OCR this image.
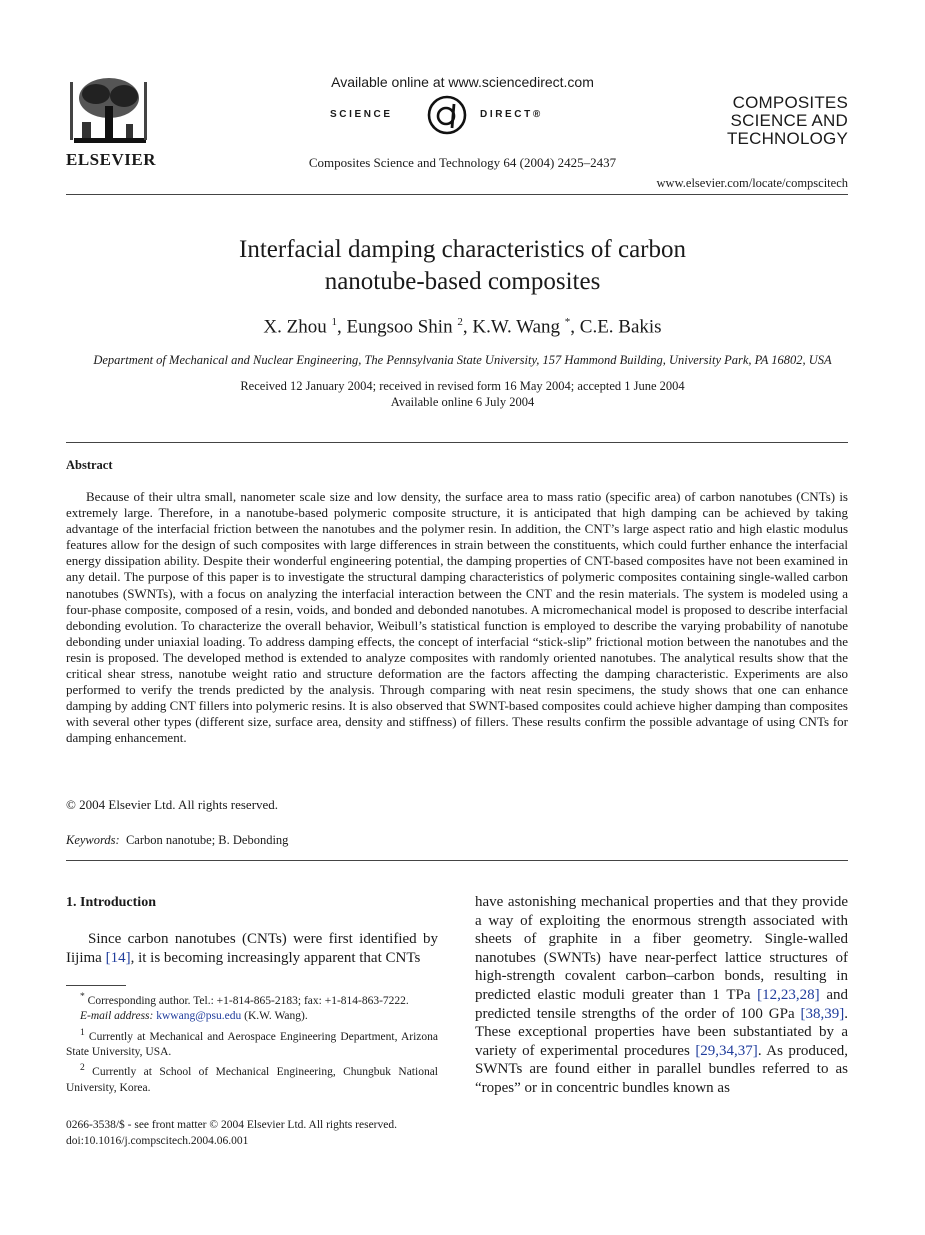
ELSEVIER
Available online at www.sciencedirect.com
SCIENCE	DIRECT®
Composites Science and Technology 64 (2004) 2425–2437
COMPOSITES
SCIENCE AND
TECHNOLOGY
www.elsevier.com/locate/compscitech
Interfacial damping characteristics of carbon
nanotube-based composites
X. Zhou $^1$, Eungsoo Shin $^2$, K.W. Wang *, C.E. Bakis
Department of Mechanical and Nuclear Engineering, The Pennsylvania State University, 157 Hammond Building, University Park, PA 16802, USA
Received 12 January 2004; received in revised form 16 May 2004; accepted 1 June 2004
Available online 6 July 2004
Abstract
Because of their ultra small, nanometer scale size and low density, the surface area to mass ratio (specific area) of carbon nanotubes (CNTs) is extremely large. Therefore, in a nanotube-based polymeric composite structure, it is anticipated that high damping can be achieved by taking advantage of the interfacial friction between the nanotubes and the polymer resin. In addition, the CNT’s large aspect ratio and high elastic modulus features allow for the design of such composites with large differences in strain between the constituents, which could further enhance the interfacial energy dissipation ability. Despite their wonderful engineering potential, the damping properties of CNT-based composites have not been examined in any detail. The purpose of this paper is to investigate the structural damping characteristics of polymeric composites containing single-walled carbon nanotubes (SWNTs), with a focus on analyzing the interfacial interaction between the CNT and the resin materials. The system is modeled using a four-phase composite, composed of a resin, voids, and bonded and debonded nanotubes. A micromechanical model is proposed to describe interfacial debonding evolution. To characterize the overall behavior, Weibull’s statistical function is employed to describe the varying probability of nanotube debonding under uniaxial loading. To address damping effects, the concept of interfacial “stick-slip” frictional motion between the nanotubes and the resin is proposed. The developed method is extended to analyze composites with randomly oriented nanotubes. The analytical results show that the critical shear stress, nanotube weight ratio and structure deformation are the factors affecting the damping characteristic. Experiments are also performed to verify the trends predicted by the analysis. Through comparing with neat resin specimens, the study shows that one can enhance damping by adding CNT fillers into polymeric resins. It is also observed that SWNT-based composites could achieve higher damping than composites with several other types (different size, surface area, density and stiffness) of fillers. These results confirm the possible advantage of using CNTs for damping enhancement.
© 2004 Elsevier Ltd. All rights reserved.
Keywords: Carbon nanotube; B. Debonding
1. Introduction
Since carbon nanotubes (CNTs) were first identified by Iijima [14], it is becoming increasingly apparent that CNTs

* Corresponding author. Tel.: +1-814-865-2183; fax: +1-814-863-7222.

E-mail address: kwwang@psu.edu (K.W. Wang).

$^1$ Currently at Mechanical and Aerospace Engineering Department, Arizona State University, USA.

$^2$ Currently at School of Mechanical Engineering, Chungbuk National University, Korea.

0266-3538/$ - see front matter © 2004 Elsevier Ltd. All rights reserved.
doi:10.1016/j.compscitech.2004.06.001
have astonishing mechanical properties and that they provide a way of exploiting the enormous strength associated with sheets of graphite in a fiber geometry. Single-walled nanotubes (SWNTs) have near-perfect lattice structures of high-strength covalent carbon–carbon bonds, resulting in predicted elastic moduli greater than 1 TPa [12,23,28] and predicted tensile strengths of the order of 100 GPa [38,39]. These exceptional properties have been substantiated by a variety of experimental procedures [29,34,37]. As produced, SWNTs are found either in parallel bundles referred to as “ropes” or in concentric bundles known as
